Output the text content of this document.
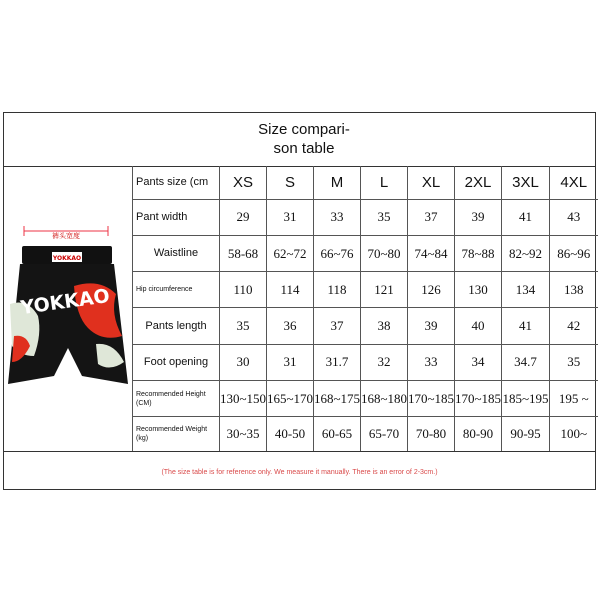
Size compari-
son table
裤头宽度
YOKKAO
YOKKAO
Pants size (cm	XS	S	M	L	XL	2XL	3XL	4XL
Pant width	29	31	33	35	37	39	41	43
Waistline	58-68	62~72	66~76	70~80	74~84	78~88	82~92	86~96
Hip circumference	110	114	118	121	126	130	134	138
Pants length	35	36	37	38	39	40	41	42
Foot opening	30	31	31.7	32	33	34	34.7	35
Recommended Height (CM)	130~150	165~170	168~175	168~180	170~185	170~185	185~195	195 ~
Recommended Weight (kg)	30~35	40-50	60-65	65-70	70-80	80-90	90-95	100~
(The size table is for reference only. We measure it manually. There is an error of 2-3cm.)
